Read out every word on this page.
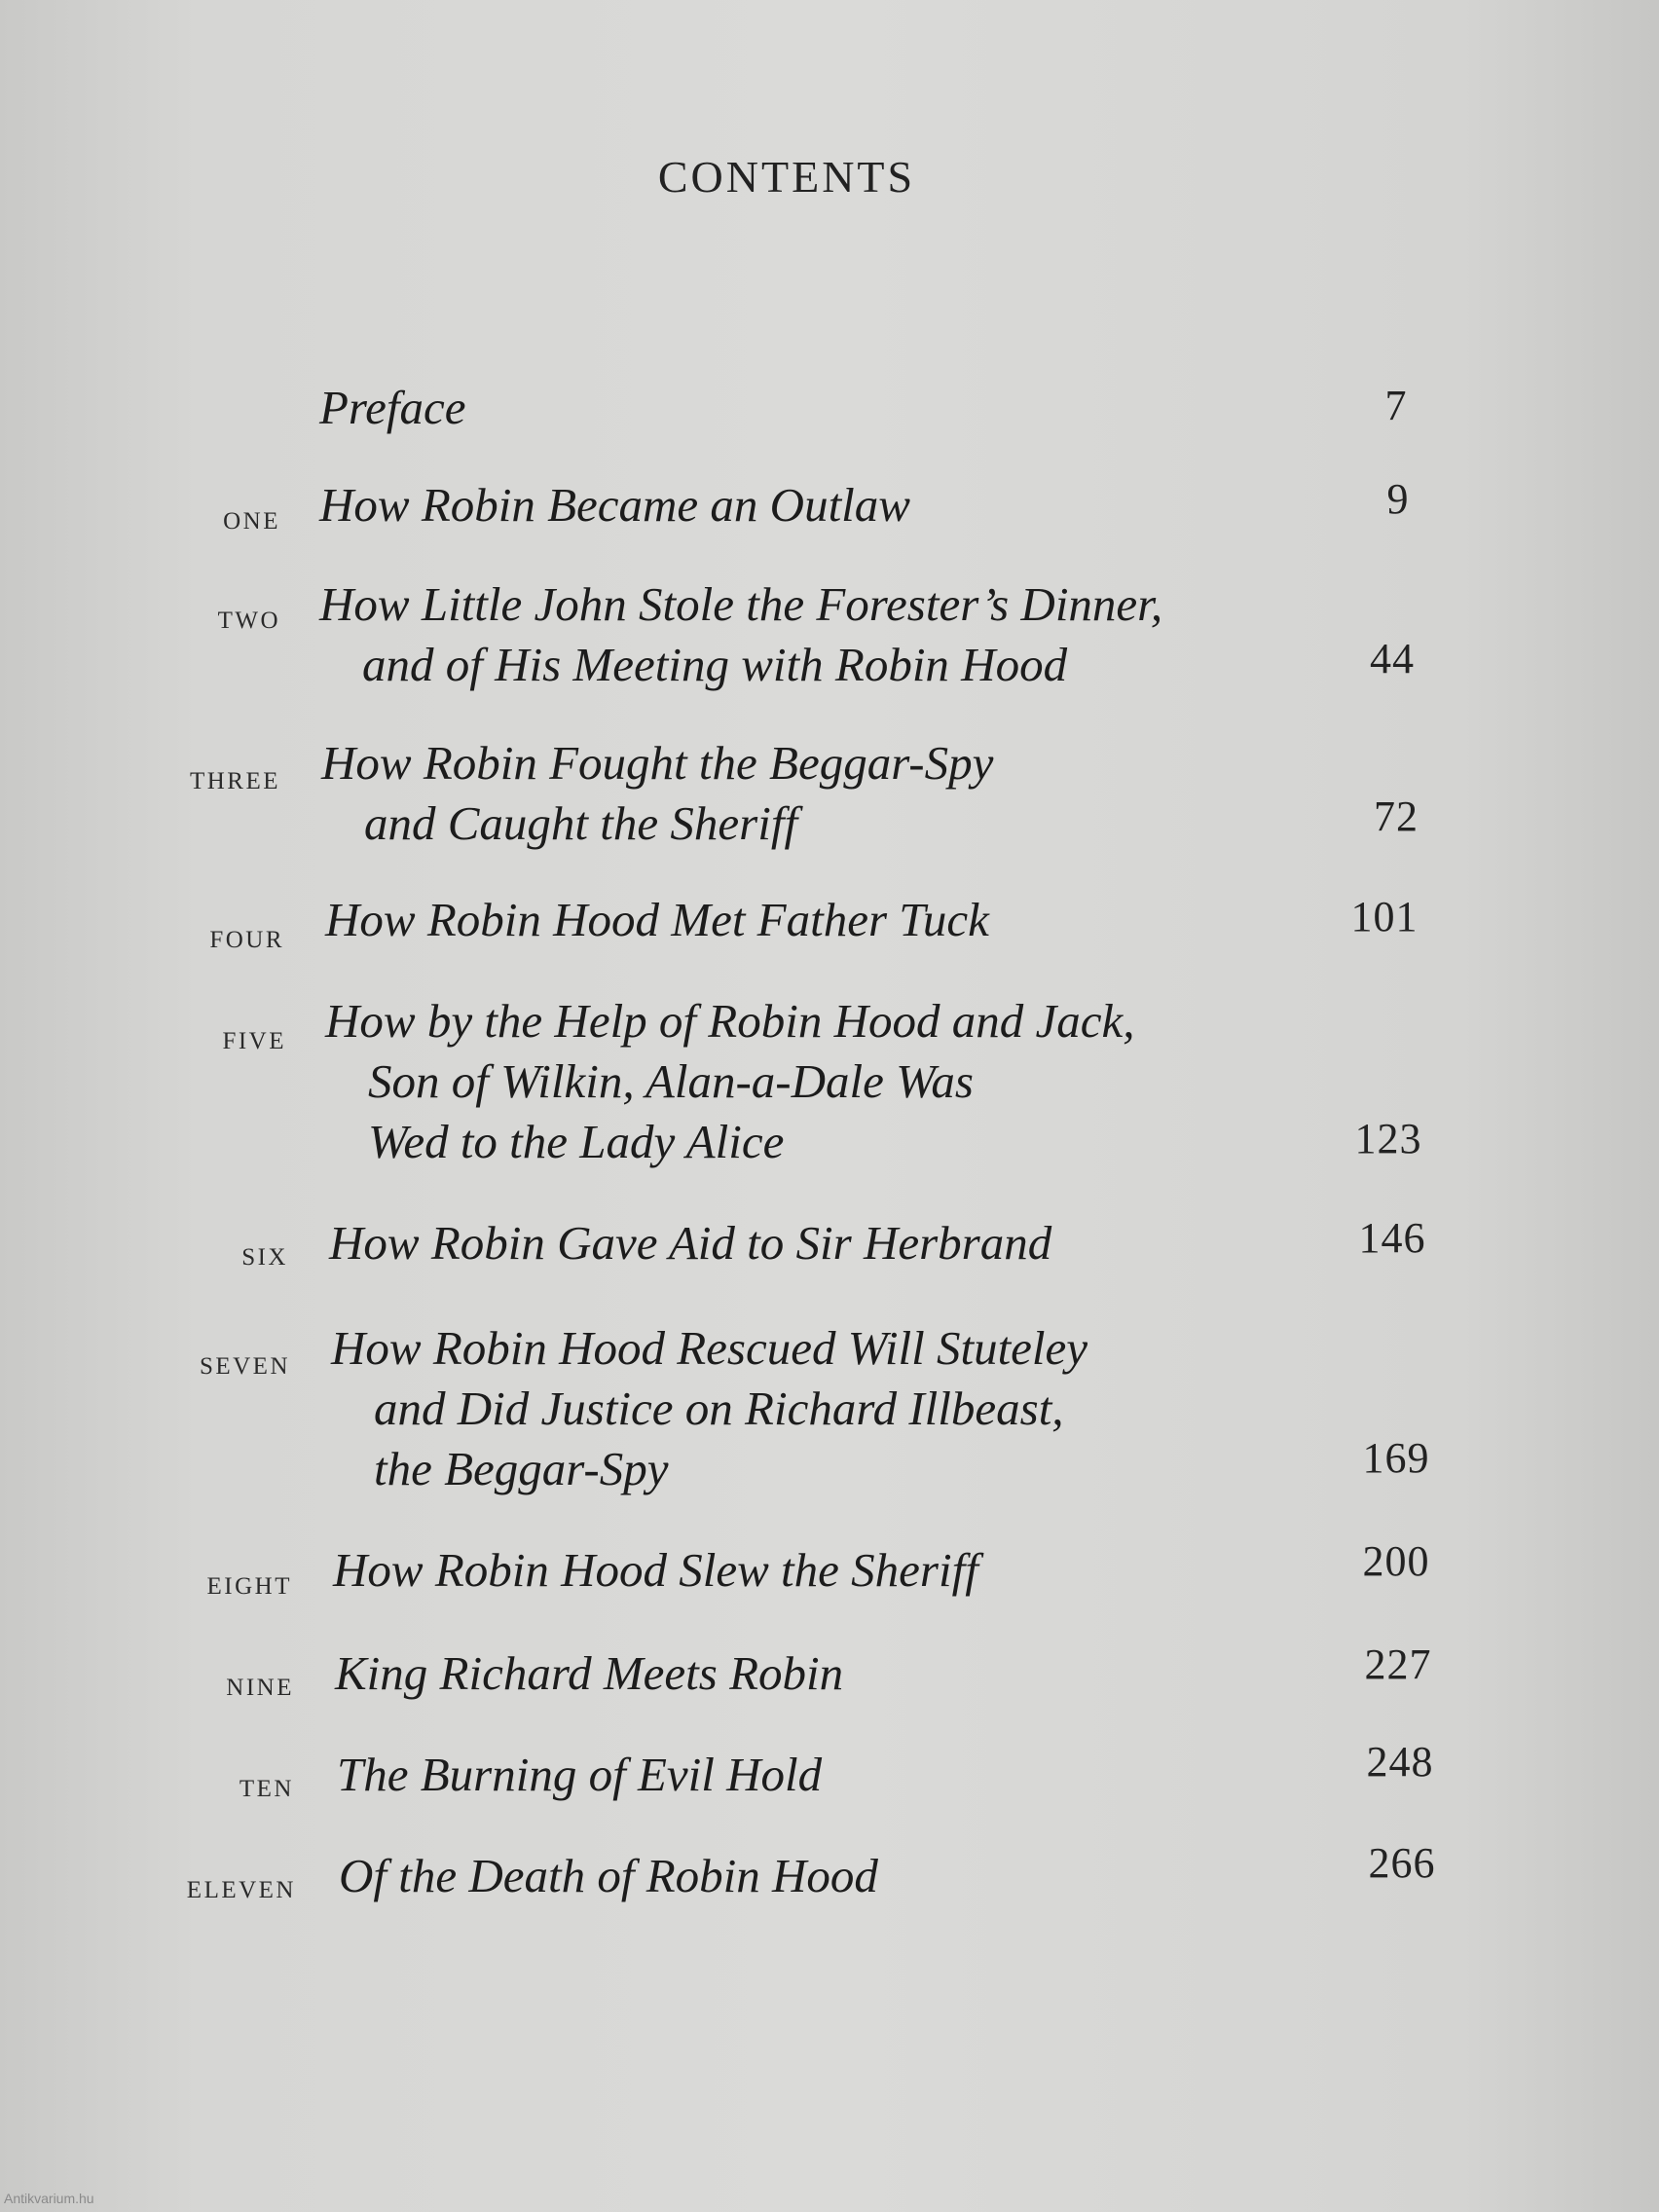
CONTENTS
Preface	7
one How Robin Became an Outlaw	9
two How Little John Stole the Forester’s Dinner,
and of His Meeting with Robin Hood	44
three How Robin Fought the Beggar-Spy
and Caught the Sheriff	72
four How Robin Hood Met Father Tuck	101
five How by the Help of Robin Hood and Jack,
Son of Wilkin, Alan-a-Dale Was
Wed to the Lady Alice	123
six How Robin Gave Aid to Sir Herbrand	146
seven How Robin Hood Rescued Will Stuteley
and Did Justice on Richard Illbeast,
the Beggar-Spy	169
eight How Robin Hood Slew the Sheriff	200
nine King Richard Meets Robin	227
ten The Burning of Evil Hold	248
eleven Of the Death of Robin Hood	266
Antikvarium.hu
